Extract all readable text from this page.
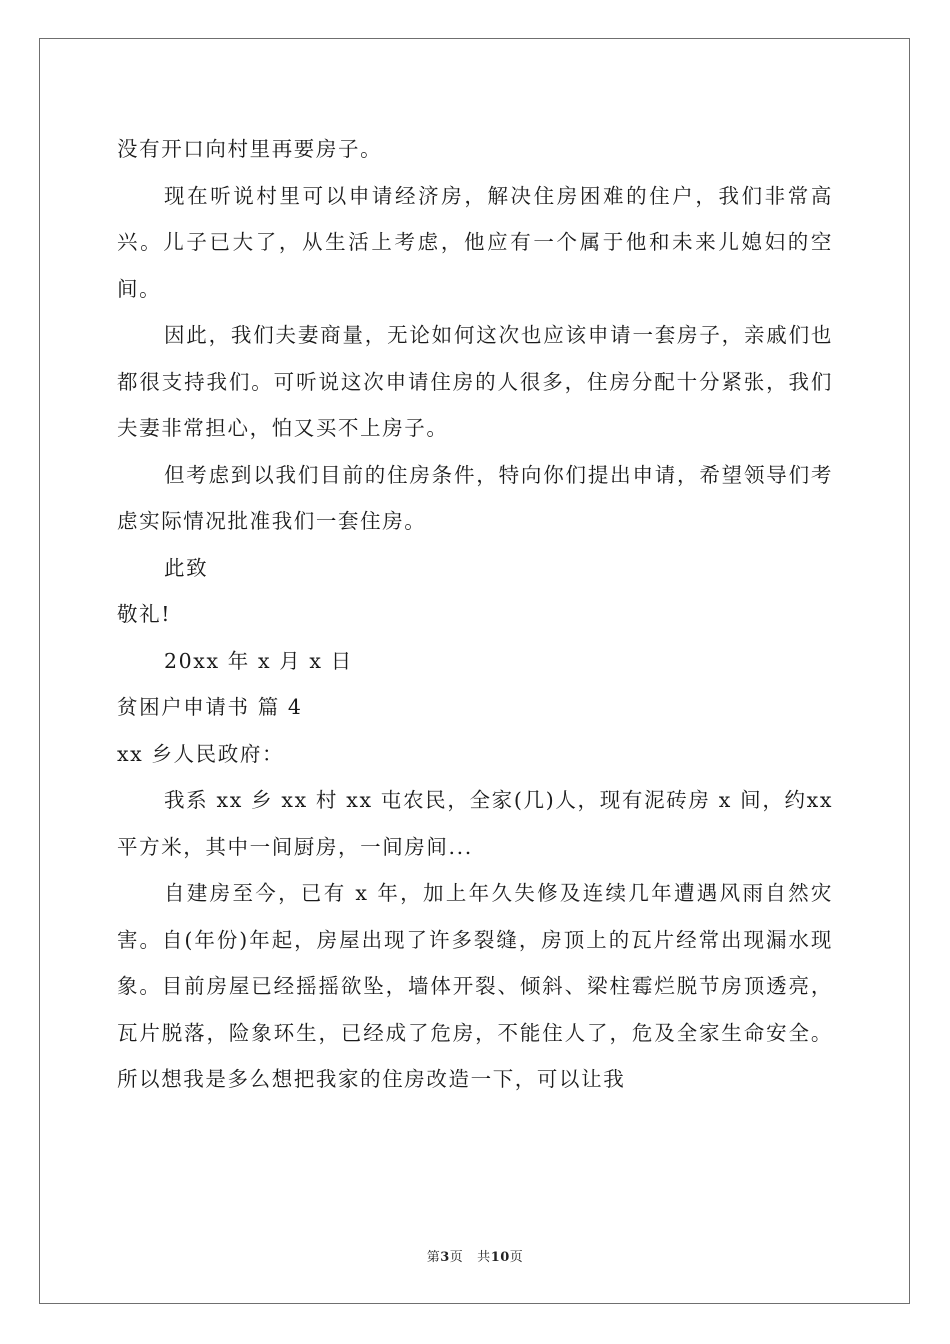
没有开口向村里再要房子。

现在听说村里可以申请经济房，解决住房困难的住户，我们非常高兴。儿子已大了，从生活上考虑，他应有一个属于他和未来儿媳妇的空间。

因此，我们夫妻商量，无论如何这次也应该申请一套房子，亲戚们也都很支持我们。可听说这次申请住房的人很多，住房分配十分紧张，我们夫妻非常担心，怕又买不上房子。

但考虑到以我们目前的住房条件，特向你们提出申请，希望领导们考虑实际情况批准我们一套住房。

此致

敬礼!

20xx 年 x 月 x 日

贫困户申请书 篇 4

xx 乡人民政府：

我系 xx 乡 xx 村 xx 屯农民，全家(几)人，现有泥砖房 x 间，约xx 平方米，其中一间厨房，一间房间...

自建房至今，已有 x 年，加上年久失修及连续几年遭遇风雨自然灾害。自(年份)年起，房屋出现了许多裂缝，房顶上的瓦片经常出现漏水现象。目前房屋已经摇摇欲坠，墙体开裂、倾斜、梁柱霉烂脱节房顶透亮，瓦片脱落，险象环生，已经成了危房，不能住人了，危及全家生命安全。所以想我是多么想把我家的住房改造一下，可以让我

第3页 共10页
